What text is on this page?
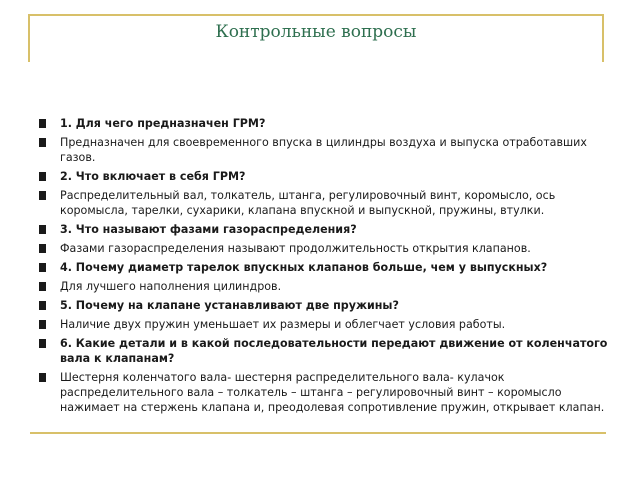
Контрольные вопросы
1. Для чего предназначен ГРМ?
Предназначен для своевременного впуска в цилиндры воздуха и выпуска отработавших газов.
2. Что включает в себя ГРМ?
Распределительный вал, толкатель, штанга, регулировочный винт, коромысло, ось коромысла, тарелки, сухарики, клапана впускной и выпускной, пружины, втулки.
3. Что называют фазами газораспределения?
Фазами газораспределения называют продолжительность открытия клапанов.
4. Почему диаметр тарелок впускных клапанов больше, чем у выпускных?
Для лучшего наполнения цилиндров.
5. Почему на клапане устанавливают две пружины?
Наличие двух пружин уменьшает их размеры и облегчает условия работы.
6. Какие детали и в какой последовательности передают движение от коленчатого вала к клапанам?
Шестерня коленчатого вала- шестерня распределительного вала- кулачок распределительного вала – толкатель – штанга – регулировочный винт – коромысло нажимает на стержень клапана и, преодолевая сопротивление пружин, открывает клапан.
